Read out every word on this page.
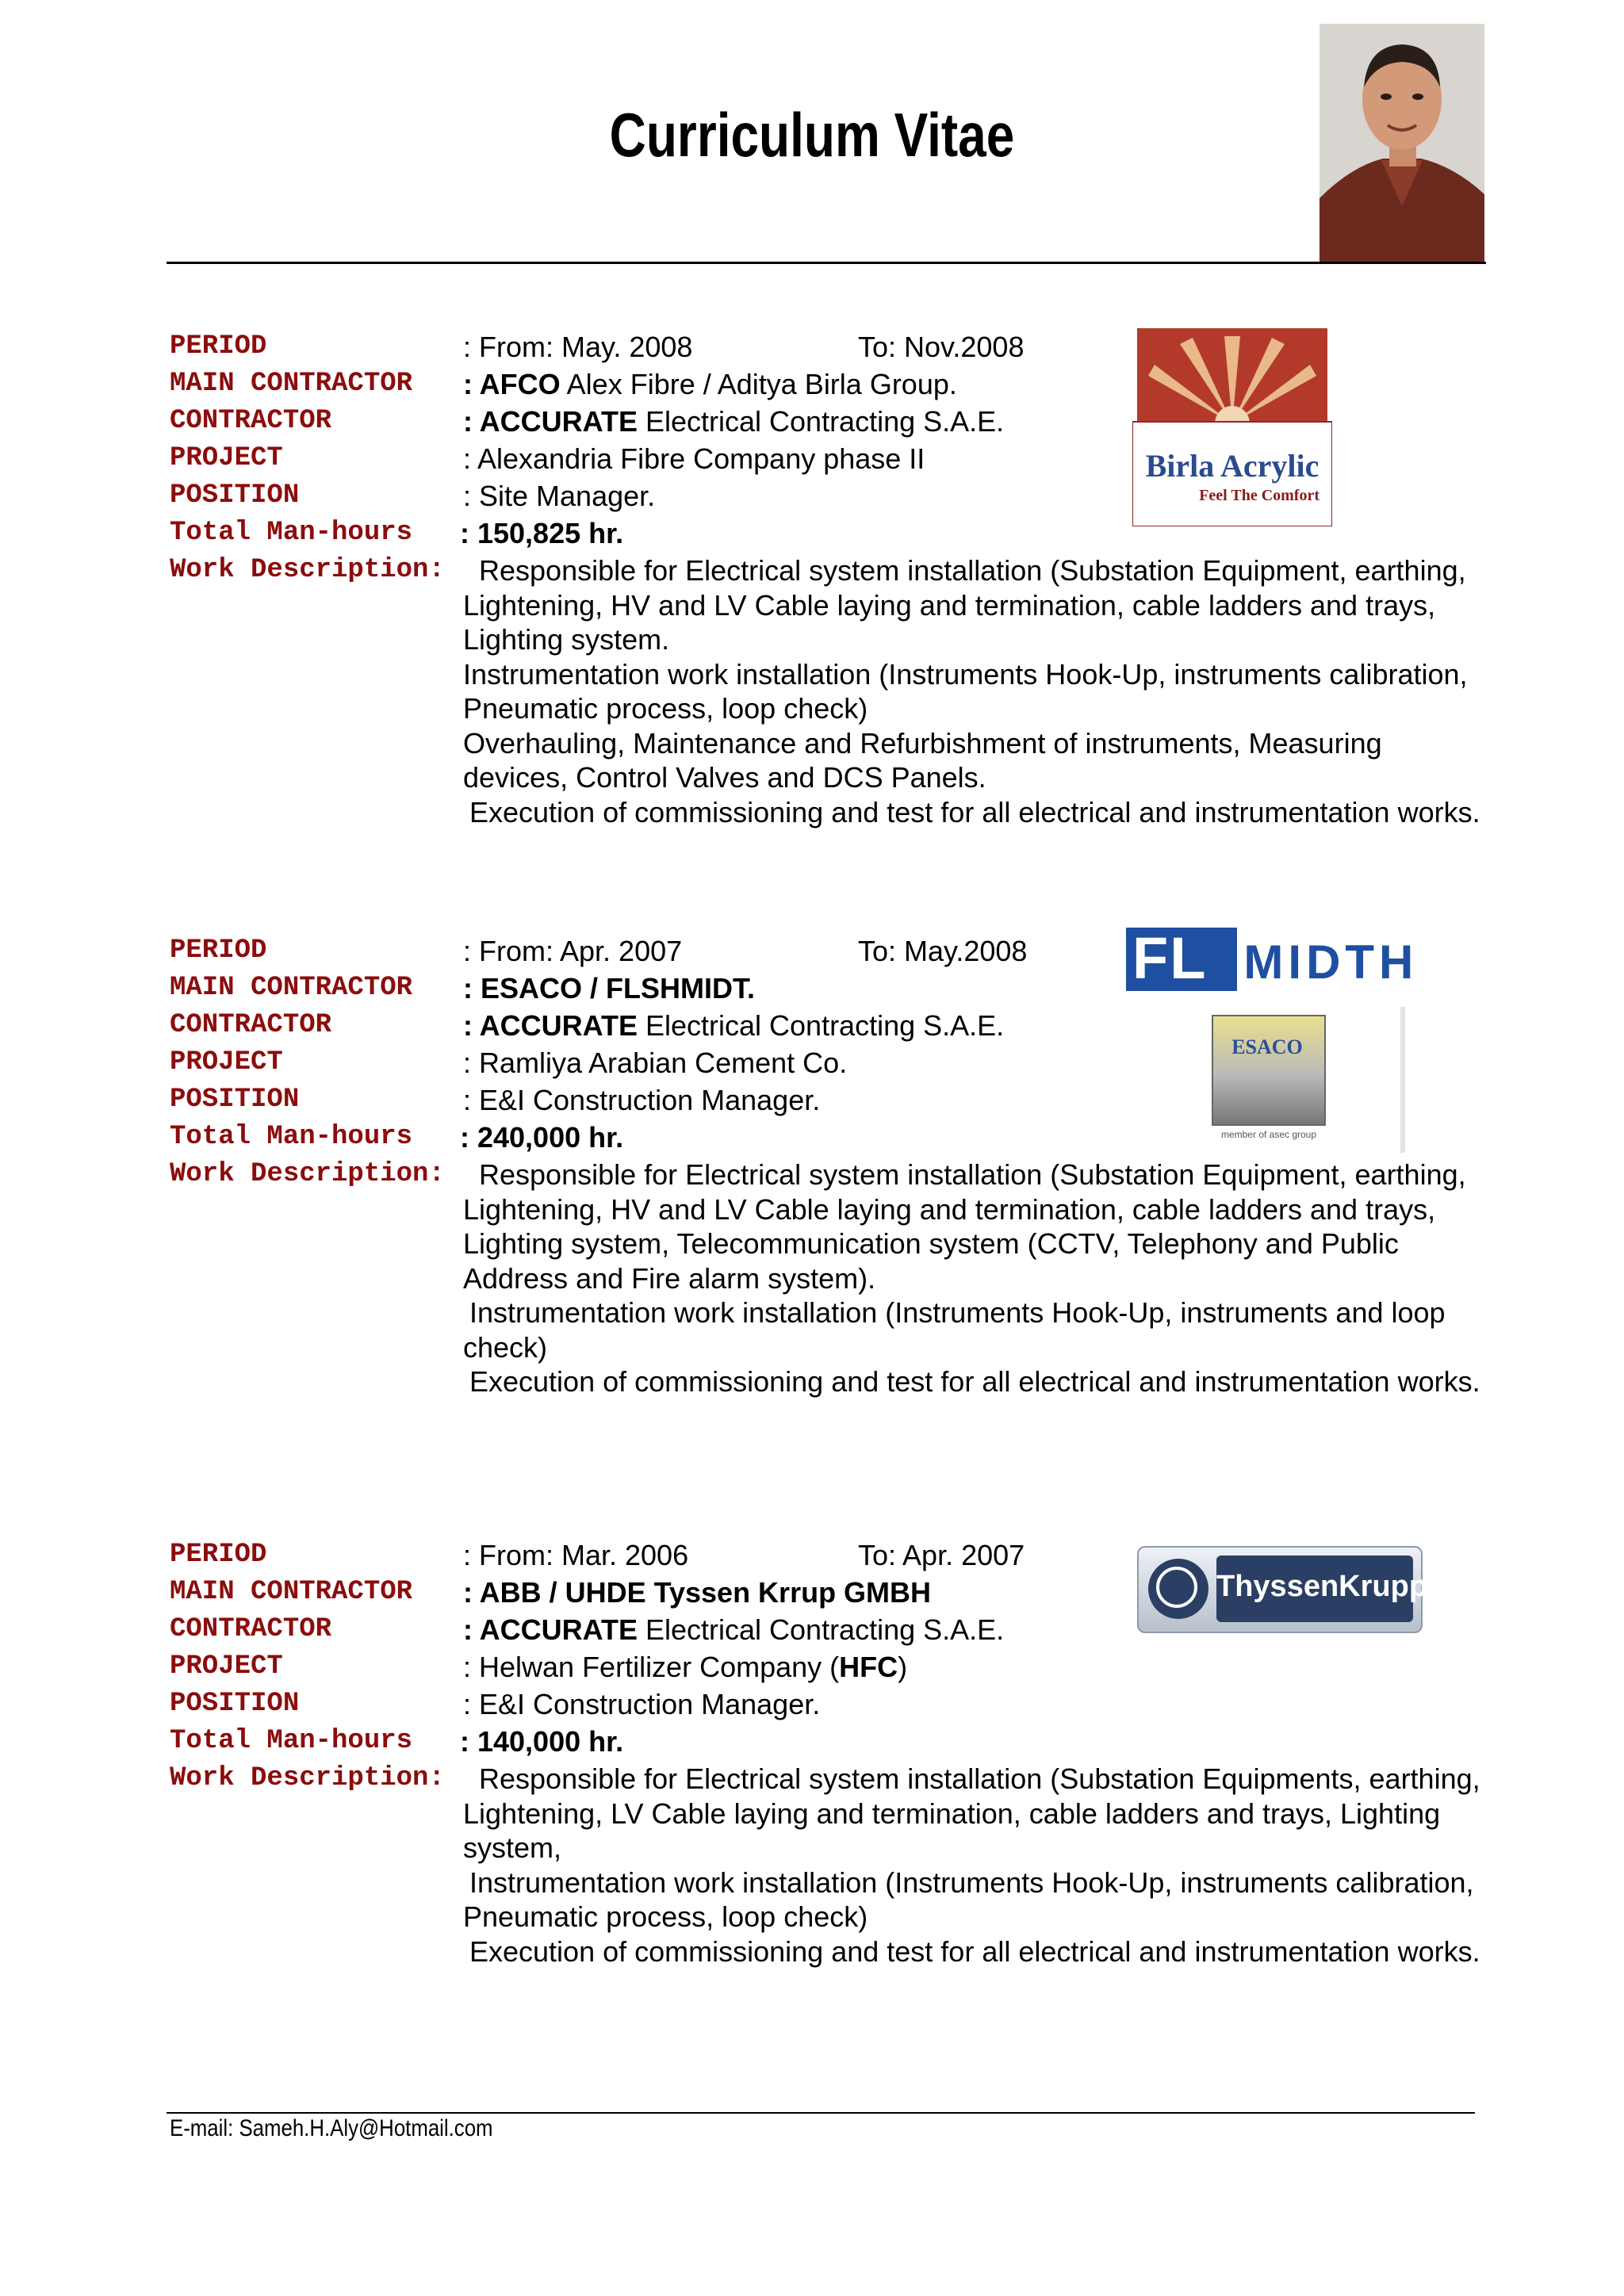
Curriculum Vitae
PERIOD	: From: May. 2008	To: Nov.2008
MAIN CONTRACTOR : AFCO Alex Fibre / Aditya Birla Group.
CONTRACTOR	: ACCURATE Electrical Contracting S.A.E.
PROJECT	: Alexandria Fibre Company phase II
POSITION	: Site Manager.
Total Man-hours : 150,825 hr.
Work Description:	Responsible for Electrical system installation (Substation Equipment, earthing, Lightening, HV and LV Cable laying and termination, cable ladders and trays, Lighting system.

Instrumentation work installation (Instruments Hook-Up, instruments calibration, Pneumatic process, loop check)

Overhauling, Maintenance and Refurbishment of instruments, Measuring devices, Control Valves and DCS Panels.

Execution of commissioning and test for all electrical and instrumentation works.

Birla Acrylic
Feel The Comfort
PERIOD	: From: Apr. 2007	To: May.2008
MAIN CONTRACTOR : ESACO / FLSHMIDT.
CONTRACTOR	: ACCURATE Electrical Contracting S.A.E.
PROJECT	: Ramliya Arabian Cement Co.
POSITION	: E&I Construction Manager.
Total Man-hours : 240,000 hr.
Work Description:	Responsible for Electrical system installation (Substation Equipment, earthing, Lightening, HV and LV Cable laying and termination, cable ladders and trays, Lighting system, Telecommunication system (CCTV, Telephony and Public Address and Fire alarm system).

Instrumentation work installation (Instruments Hook-Up, instruments and loop check)

Execution of commissioning and test for all electrical and instrumentation works.

FLSMIDTH
ESACO
member of asec group
PERIOD	: From: Mar. 2006	To: Apr. 2007
MAIN CONTRACTOR : ABB / UHDE Tyssen Krrup GMBH
CONTRACTOR	: ACCURATE Electrical Contracting S.A.E.
PROJECT	: Helwan Fertilizer Company (HFC)
POSITION	: E&I Construction Manager.
Total Man-hours : 140,000 hr.
Work Description:	Responsible for Electrical system installation (Substation Equipments, earthing, Lightening, LV Cable laying and termination, cable ladders and trays, Lighting system,

Instrumentation work installation (Instruments Hook-Up, instruments calibration, Pneumatic process, loop check)

Execution of commissioning and test for all electrical and instrumentation works.

ThyssenKrupp
E-mail: Sameh.H.Aly@Hotmail.com
